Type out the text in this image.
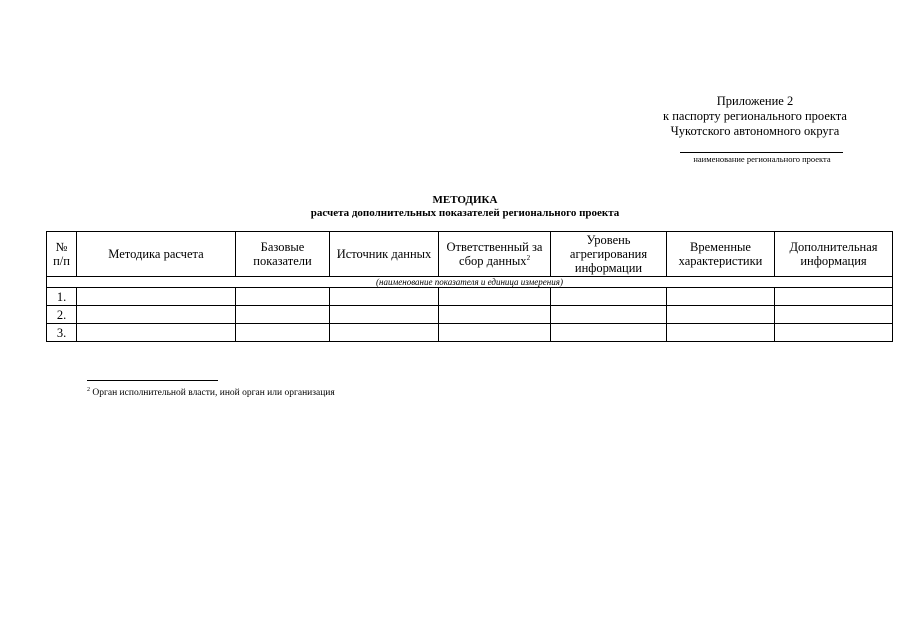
Приложение 2
к паспорту регионального проекта
Чукотского автономного округа
наименование регионального проекта
МЕТОДИКА
расчета дополнительных показателей регионального проекта
№ п/п	Методика расчета	Базовые показатели	Источник данных	Ответственный за сбор данных$^2$	Уровень агрегирования информации	Временные характеристики	Дополнительная информация
(наименование показателя и единица измерения)							
1.							
2.							
3.							
$^2$ Орган исполнительной власти, иной орган или организация
